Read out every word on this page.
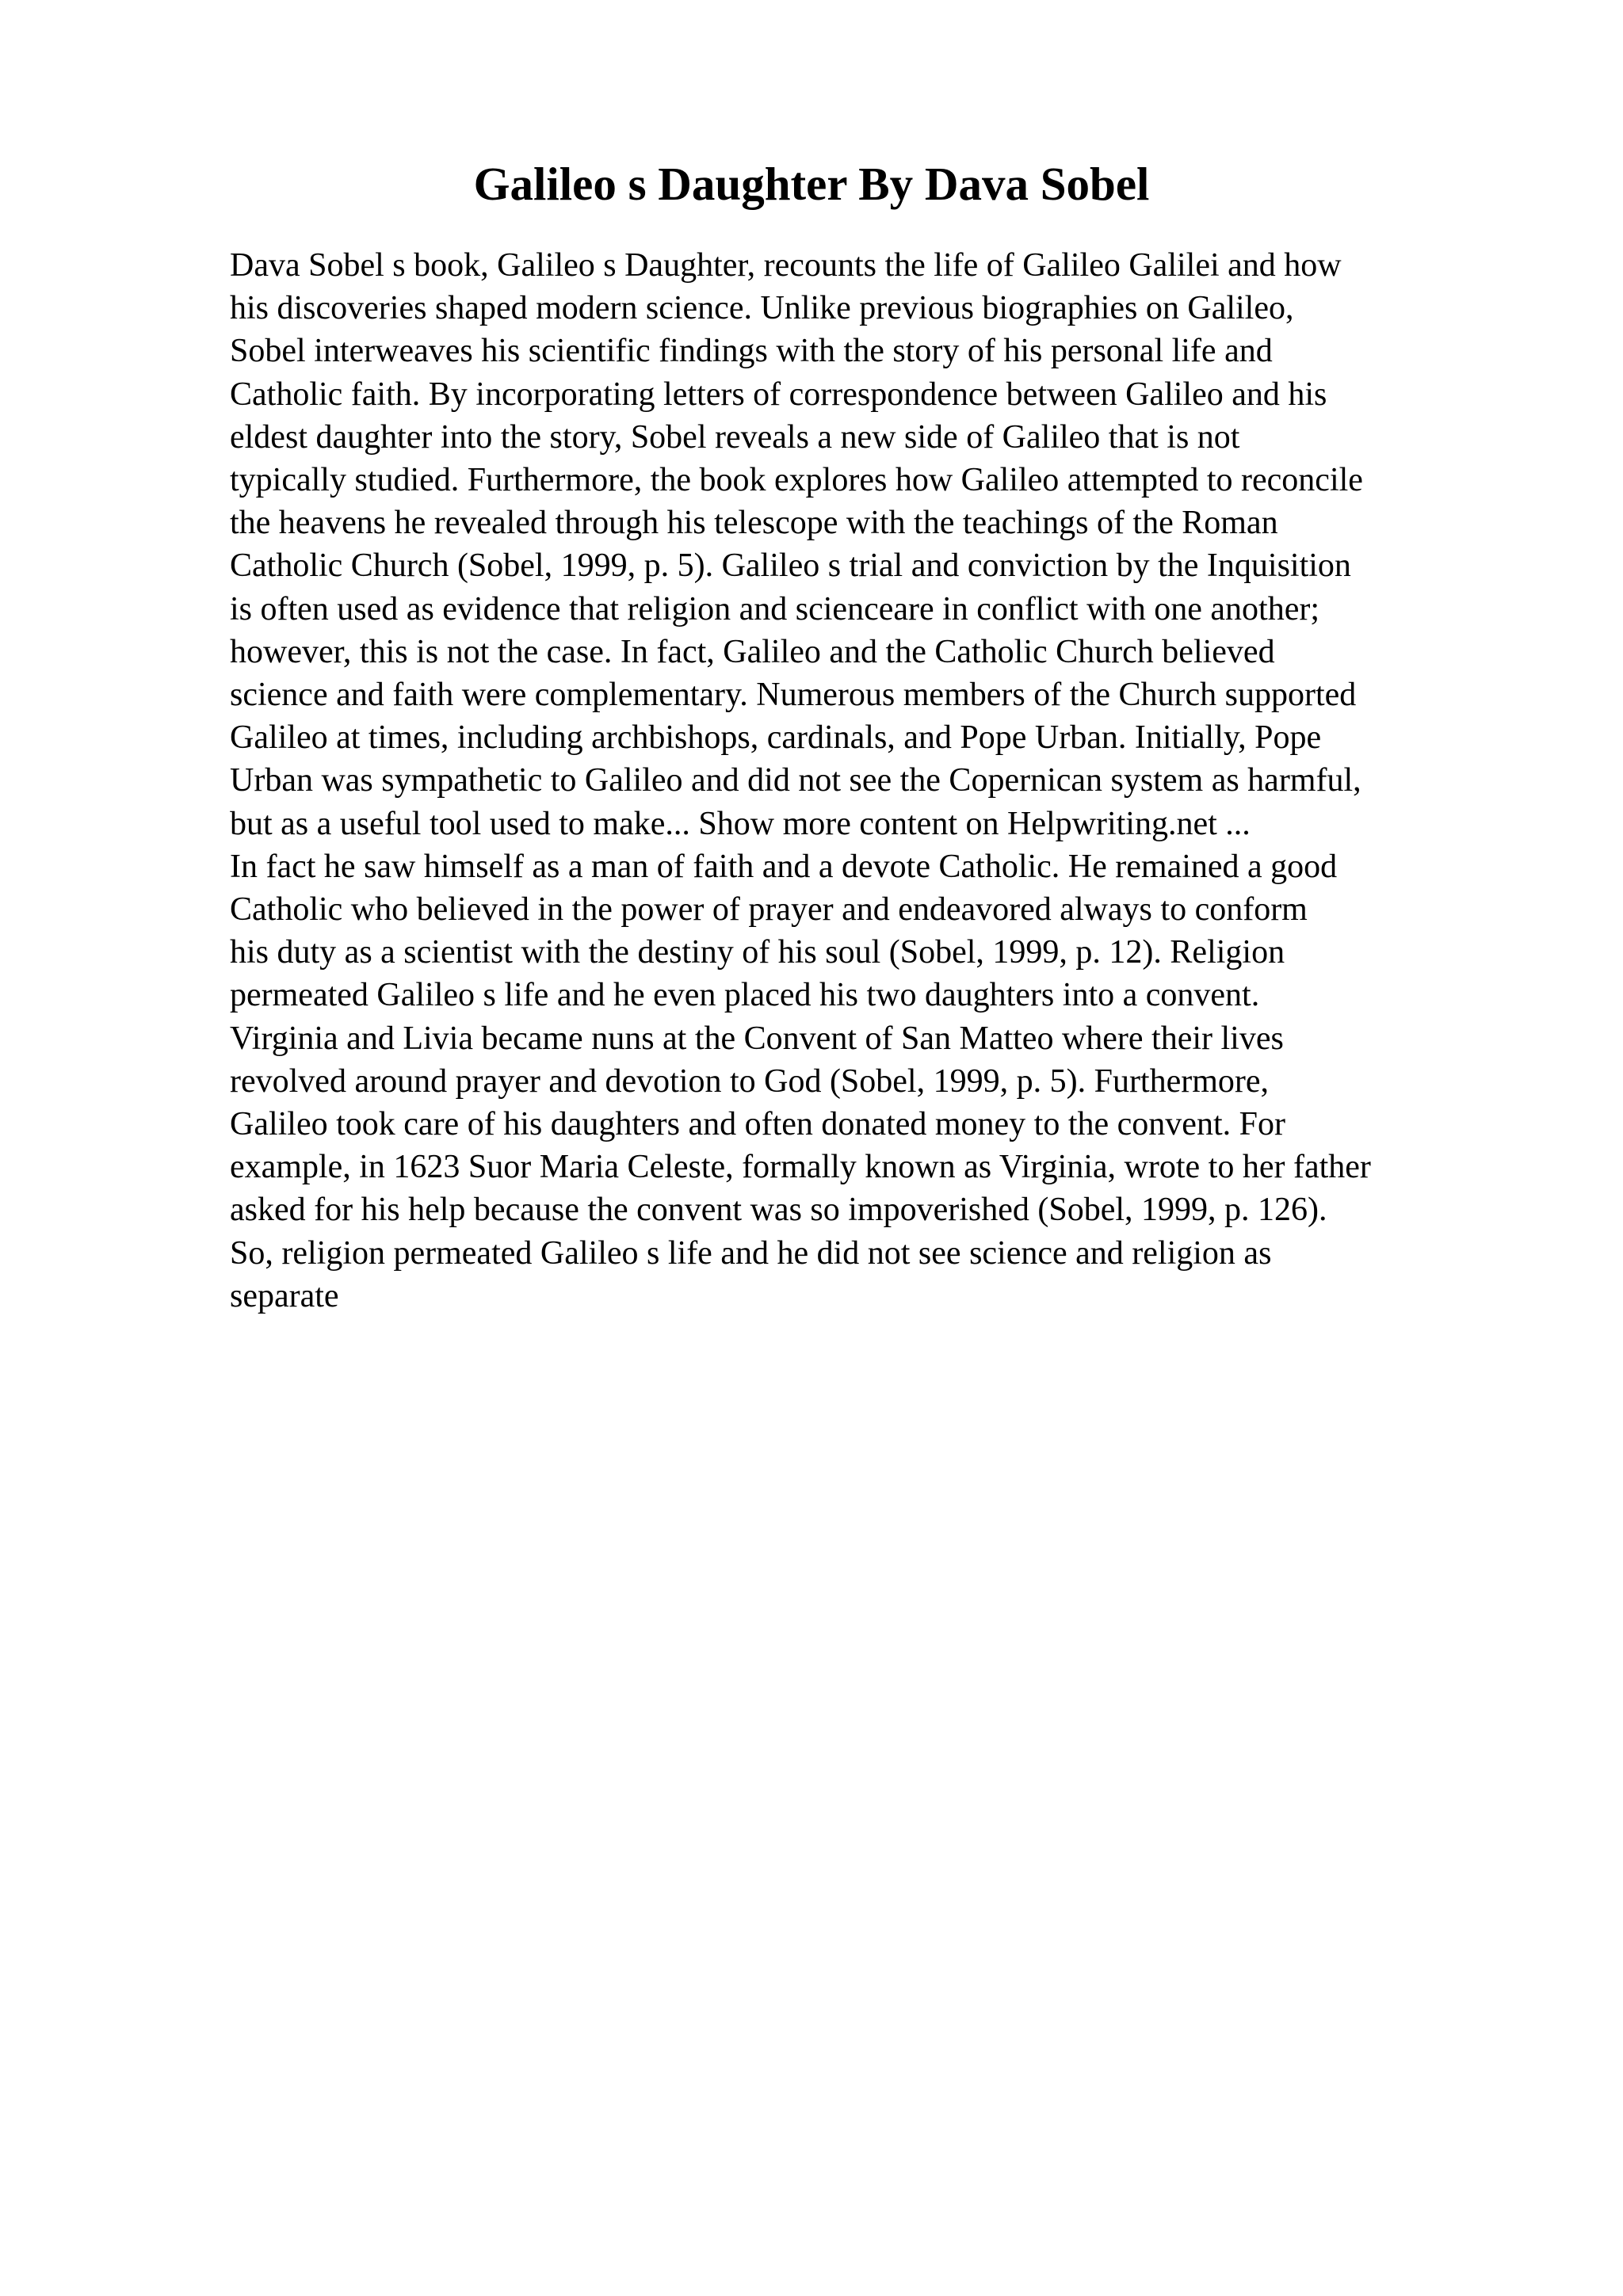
Galileo s Daughter By Dava Sobel
Dava Sobel s book, Galileo s Daughter, recounts the life of Galileo Galilei and how
his discoveries shaped modern science. Unlike previous biographies on Galileo,
Sobel interweaves his scientific findings with the story of his personal life and
Catholic faith. By incorporating letters of correspondence between Galileo and his
eldest daughter into the story, Sobel reveals a new side of Galileo that is not
typically studied. Furthermore, the book explores how Galileo attempted to reconcile
the heavens he revealed through his telescope with the teachings of the Roman
Catholic Church (Sobel, 1999, p. 5). Galileo s trial and conviction by the Inquisition
is often used as evidence that religion and scienceare in conflict with one another;
however, this is not the case. In fact, Galileo and the Catholic Church believed
science and faith were complementary. Numerous members of the Church supported
Galileo at times, including archbishops, cardinals, and Pope Urban. Initially, Pope
Urban was sympathetic to Galileo and did not see the Copernican system as harmful,
but as a useful tool used to make... Show more content on Helpwriting.net ...
In fact he saw himself as a man of faith and a devote Catholic. He remained a good
Catholic who believed in the power of prayer and endeavored always to conform
his duty as a scientist with the destiny of his soul (Sobel, 1999, p. 12). Religion
permeated Galileo s life and he even placed his two daughters into a convent.
Virginia and Livia became nuns at the Convent of San Matteo where their lives
revolved around prayer and devotion to God (Sobel, 1999, p. 5). Furthermore,
Galileo took care of his daughters and often donated money to the convent. For
example, in 1623 Suor Maria Celeste, formally known as Virginia, wrote to her father
asked for his help because the convent was so impoverished (Sobel, 1999, p. 126).
So, religion permeated Galileo s life and he did not see science and religion as
separate
